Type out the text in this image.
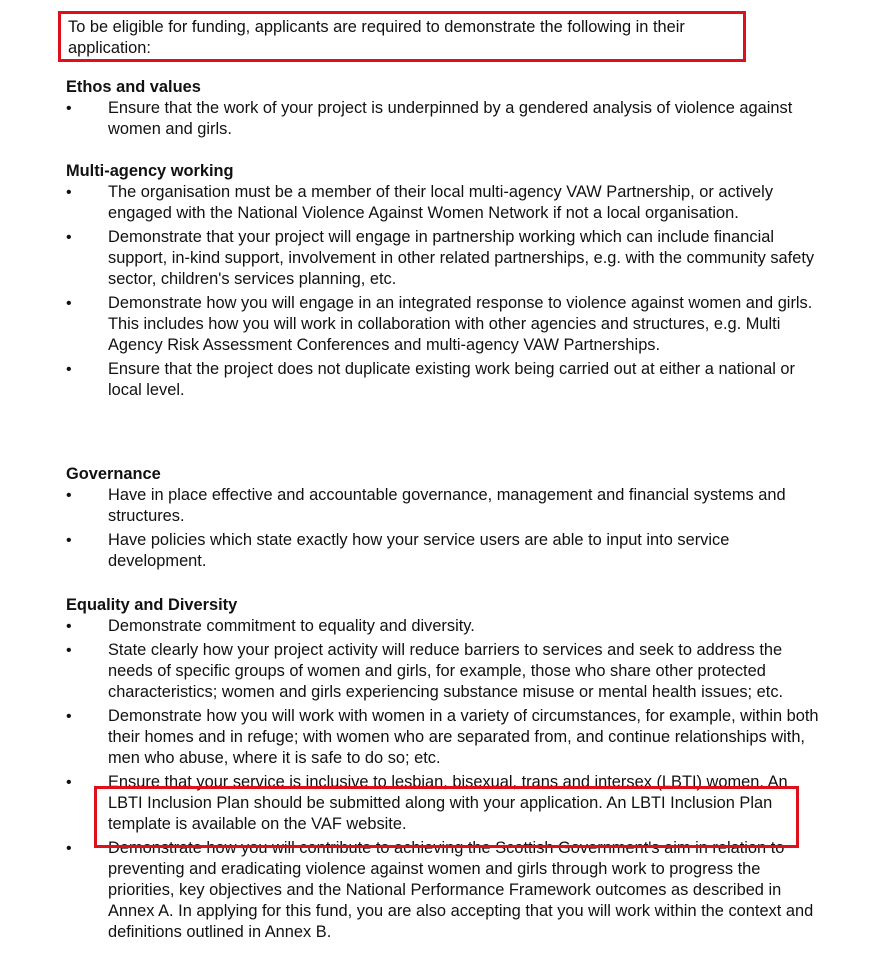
To be eligible for funding, applicants are required to demonstrate the following in their application:

Ethos and values
• Ensure that the work of your project is underpinned by a gendered analysis of violence against women and girls.
Multi-agency working
• The organisation must be a member of their local multi-agency VAW Partnership, or actively engaged with the National Violence Against Women Network if not a local organisation.
• Demonstrate that your project will engage in partnership working which can include financial support, in-kind support, involvement in other related partnerships, e.g. with the community safety sector, children's services planning, etc.
• Demonstrate how you will engage in an integrated response to violence against women and girls. This includes how you will work in collaboration with other agencies and structures, e.g. Multi Agency Risk Assessment Conferences and multi-agency VAW Partnerships.
• Ensure that the project does not duplicate existing work being carried out at either a national or local level.
Governance
• Have in place effective and accountable governance, management and financial systems and structures.
• Have policies which state exactly how your service users are able to input into service development.
Equality and Diversity
• Demonstrate commitment to equality and diversity.
• State clearly how your project activity will reduce barriers to services and seek to address the needs of specific groups of women and girls, for example, those who share other protected characteristics; women and girls experiencing substance misuse or mental health issues; etc.
• Demonstrate how you will work with women in a variety of circumstances, for example, within both their homes and in refuge; with women who are separated from, and continue relationships with, men who abuse, where it is safe to do so; etc.
• Ensure that your service is inclusive to lesbian, bisexual, trans and intersex (LBTI) women. An LBTI Inclusion Plan should be submitted along with your application. An LBTI Inclusion Plan template is available on the VAF website.
• Demonstrate how you will contribute to achieving the Scottish Government's aim in relation to preventing and eradicating violence against women and girls through work to progress the priorities, key objectives and the National Performance Framework outcomes as described in Annex A. In applying for this fund, you are also accepting that you will work within the context and definitions outlined in Annex B.
